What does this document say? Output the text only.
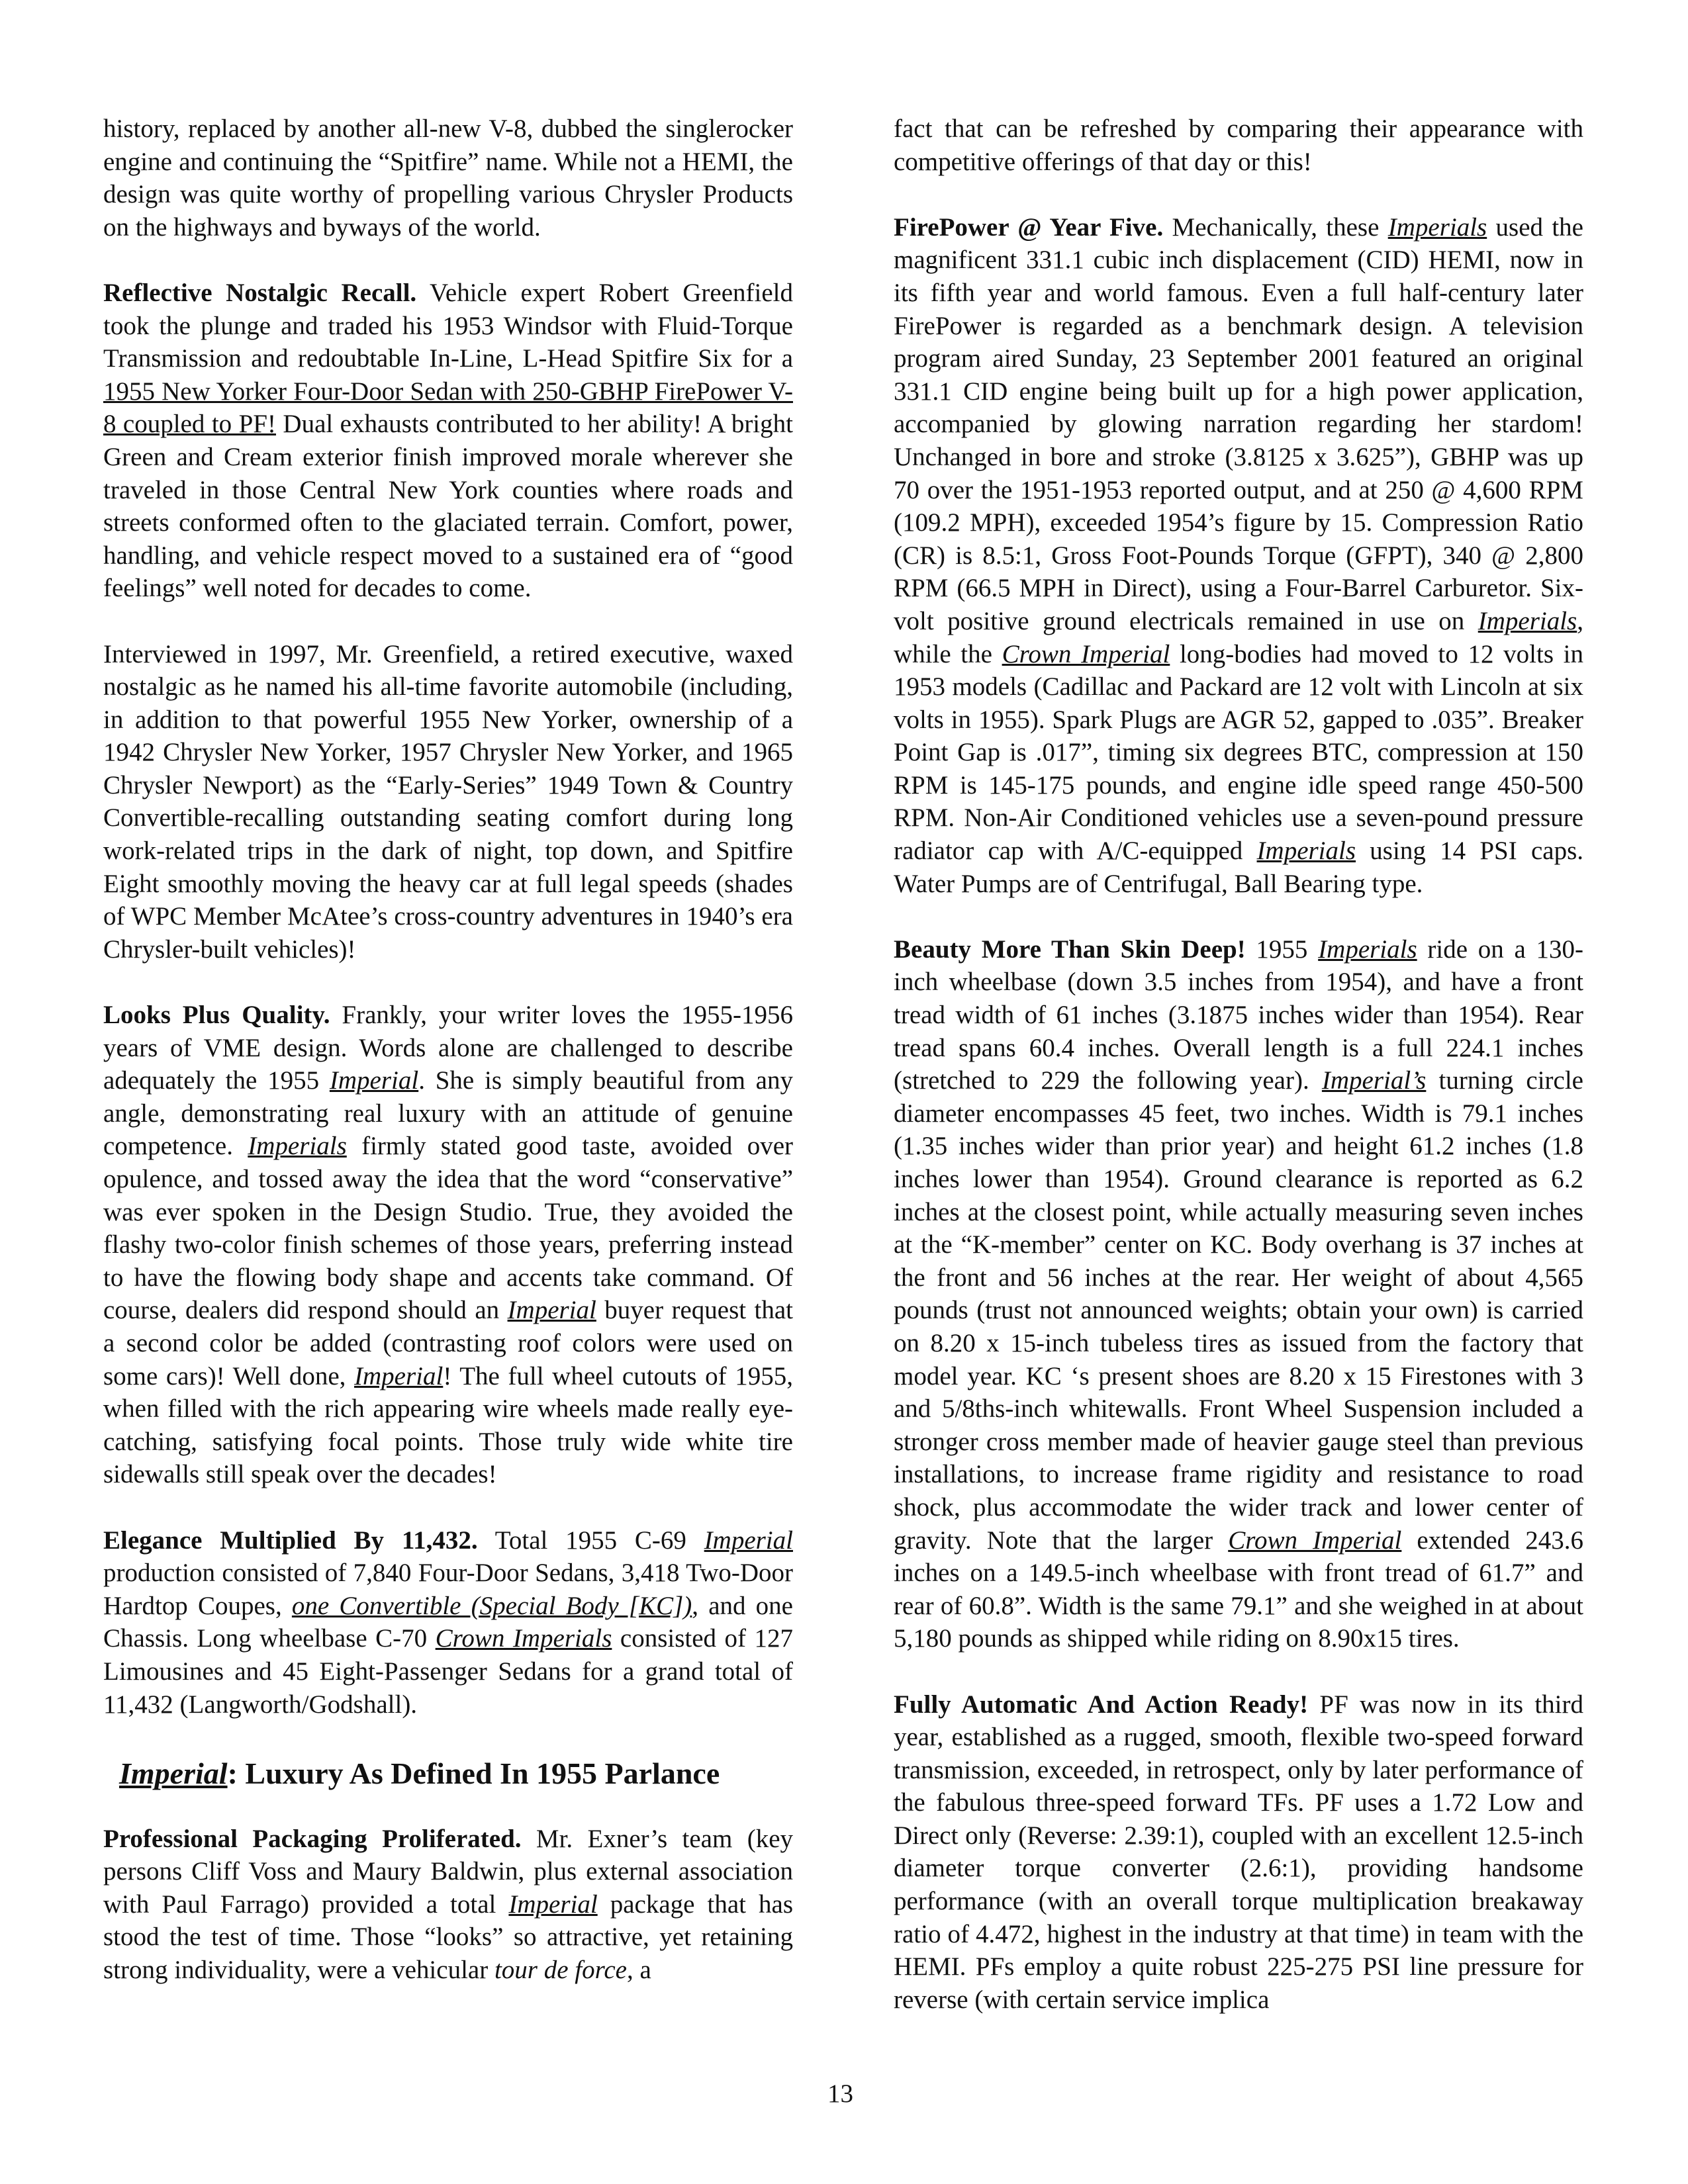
history, replaced by another all-new V-8, dubbed the singlerocker engine and continuing the “Spitfire” name. While not a HEMI, the design was quite worthy of propelling various Chrysler Products on the highways and byways of the world.

Reflective Nostalgic Recall. Vehicle expert Robert Greenfield took the plunge and traded his 1953 Windsor with Fluid-Torque Transmission and redoubtable In-Line, L-Head Spitfire Six for a 1955 New Yorker Four-Door Sedan with 250-GBHP FirePower V-8 coupled to PF! Dual exhausts contributed to her ability! A bright Green and Cream exterior finish improved morale wherever she traveled in those Central New York counties where roads and streets conformed often to the glaciated terrain. Comfort, power, handling, and vehicle respect moved to a sustained era of “good feelings” well noted for decades to come.

Interviewed in 1997, Mr. Greenfield, a retired executive, waxed nostalgic as he named his all-time favorite automobile (including, in addition to that powerful 1955 New Yorker, ownership of a 1942 Chrysler New Yorker, 1957 Chrysler New Yorker, and 1965 Chrysler Newport) as the “Early-Series” 1949 Town & Country Convertible-recalling outstanding seating comfort during long work-related trips in the dark of night, top down, and Spitfire Eight smoothly moving the heavy car at full legal speeds (shades of WPC Member McAtee’s cross-country adventures in 1940’s era Chrysler-built vehicles)!

Looks Plus Quality. Frankly, your writer loves the 1955-1956 years of VME design. Words alone are challenged to describe adequately the 1955 Imperial. She is simply beautiful from any angle, demonstrating real luxury with an attitude of genuine competence. Imperials firmly stated good taste, avoided over opulence, and tossed away the idea that the word “conservative” was ever spoken in the Design Studio. True, they avoided the flashy two-color finish schemes of those years, preferring instead to have the flowing body shape and accents take command. Of course, dealers did respond should an Imperial buyer request that a second color be added (contrasting roof colors were used on some cars)! Well done, Imperial! The full wheel cutouts of 1955, when filled with the rich appearing wire wheels made really eye-catching, satisfying focal points. Those truly wide white tire sidewalls still speak over the decades!

Elegance Multiplied By 11,432. Total 1955 C-69 Imperial production consisted of 7,840 Four-Door Sedans, 3,418 Two-Door Hardtop Coupes, one Convertible (Special Body [KC]), and one Chassis. Long wheelbase C-70 Crown Imperials consisted of 127 Limousines and 45 Eight-Passenger Sedans for a grand total of 11,432 (Langworth/Godshall).

Imperial: Luxury As Defined In 1955 Parlance

Professional Packaging Proliferated. Mr. Exner’s team (key persons Cliff Voss and Maury Baldwin, plus external association with Paul Farrago) provided a total Imperial package that has stood the test of time. Those “looks” so attractive, yet retaining strong individuality, were a vehicular tour de force, a

fact that can be refreshed by comparing their appearance with competitive offerings of that day or this!

FirePower @ Year Five. Mechanically, these Imperials used the magnificent 331.1 cubic inch displacement (CID) HEMI, now in its fifth year and world famous. Even a full half-century later FirePower is regarded as a benchmark design. A television program aired Sunday, 23 September 2001 featured an original 331.1 CID engine being built up for a high power application, accompanied by glowing narration regarding her stardom! Unchanged in bore and stroke (3.8125 x 3.625”), GBHP was up 70 over the 1951-1953 reported output, and at 250 @ 4,600 RPM (109.2 MPH), exceeded 1954’s figure by 15. Compression Ratio (CR) is 8.5:1, Gross Foot-Pounds Torque (GFPT), 340 @ 2,800 RPM (66.5 MPH in Direct), using a Four-Barrel Carburetor. Six-volt positive ground electricals remained in use on Imperials, while the Crown Imperial long-bodies had moved to 12 volts in 1953 models (Cadillac and Packard are 12 volt with Lincoln at six volts in 1955). Spark Plugs are AGR 52, gapped to .035”. Breaker Point Gap is .017”, timing six degrees BTC, compression at 150 RPM is 145-175 pounds, and engine idle speed range 450-500 RPM. Non-Air Conditioned vehicles use a seven-pound pressure radiator cap with A/C-equipped Imperials using 14 PSI caps. Water Pumps are of Centrifugal, Ball Bearing type.

Beauty More Than Skin Deep! 1955 Imperials ride on a 130-inch wheelbase (down 3.5 inches from 1954), and have a front tread width of 61 inches (3.1875 inches wider than 1954). Rear tread spans 60.4 inches. Overall length is a full 224.1 inches (stretched to 229 the following year). Imperial’s turning circle diameter encompasses 45 feet, two inches. Width is 79.1 inches (1.35 inches wider than prior year) and height 61.2 inches (1.8 inches lower than 1954). Ground clearance is reported as 6.2 inches at the closest point, while actually measuring seven inches at the “K-member” center on KC. Body overhang is 37 inches at the front and 56 inches at the rear. Her weight of about 4,565 pounds (trust not announced weights; obtain your own) is carried on 8.20 x 15-inch tubeless tires as issued from the factory that model year. KC ‘s present shoes are 8.20 x 15 Firestones with 3 and 5/8ths-inch whitewalls. Front Wheel Suspension included a stronger cross member made of heavier gauge steel than previous installations, to increase frame rigidity and resistance to road shock, plus accommodate the wider track and lower center of gravity. Note that the larger Crown Imperial extended 243.6 inches on a 149.5-inch wheelbase with front tread of 61.7” and rear of 60.8”. Width is the same 79.1” and she weighed in at about 5,180 pounds as shipped while riding on 8.90x15 tires.

Fully Automatic And Action Ready! PF was now in its third year, established as a rugged, smooth, flexible two-speed forward transmission, exceeded, in retrospect, only by later performance of the fabulous three-speed forward TFs. PF uses a 1.72 Low and Direct only (Reverse: 2.39:1), coupled with an excellent 12.5-inch diameter torque converter (2.6:1), providing handsome performance (with an overall torque multiplication breakaway ratio of 4.472, highest in the industry at that time) in team with the HEMI. PFs employ a quite robust 225-275 PSI line pressure for reverse (with certain service implica

13
